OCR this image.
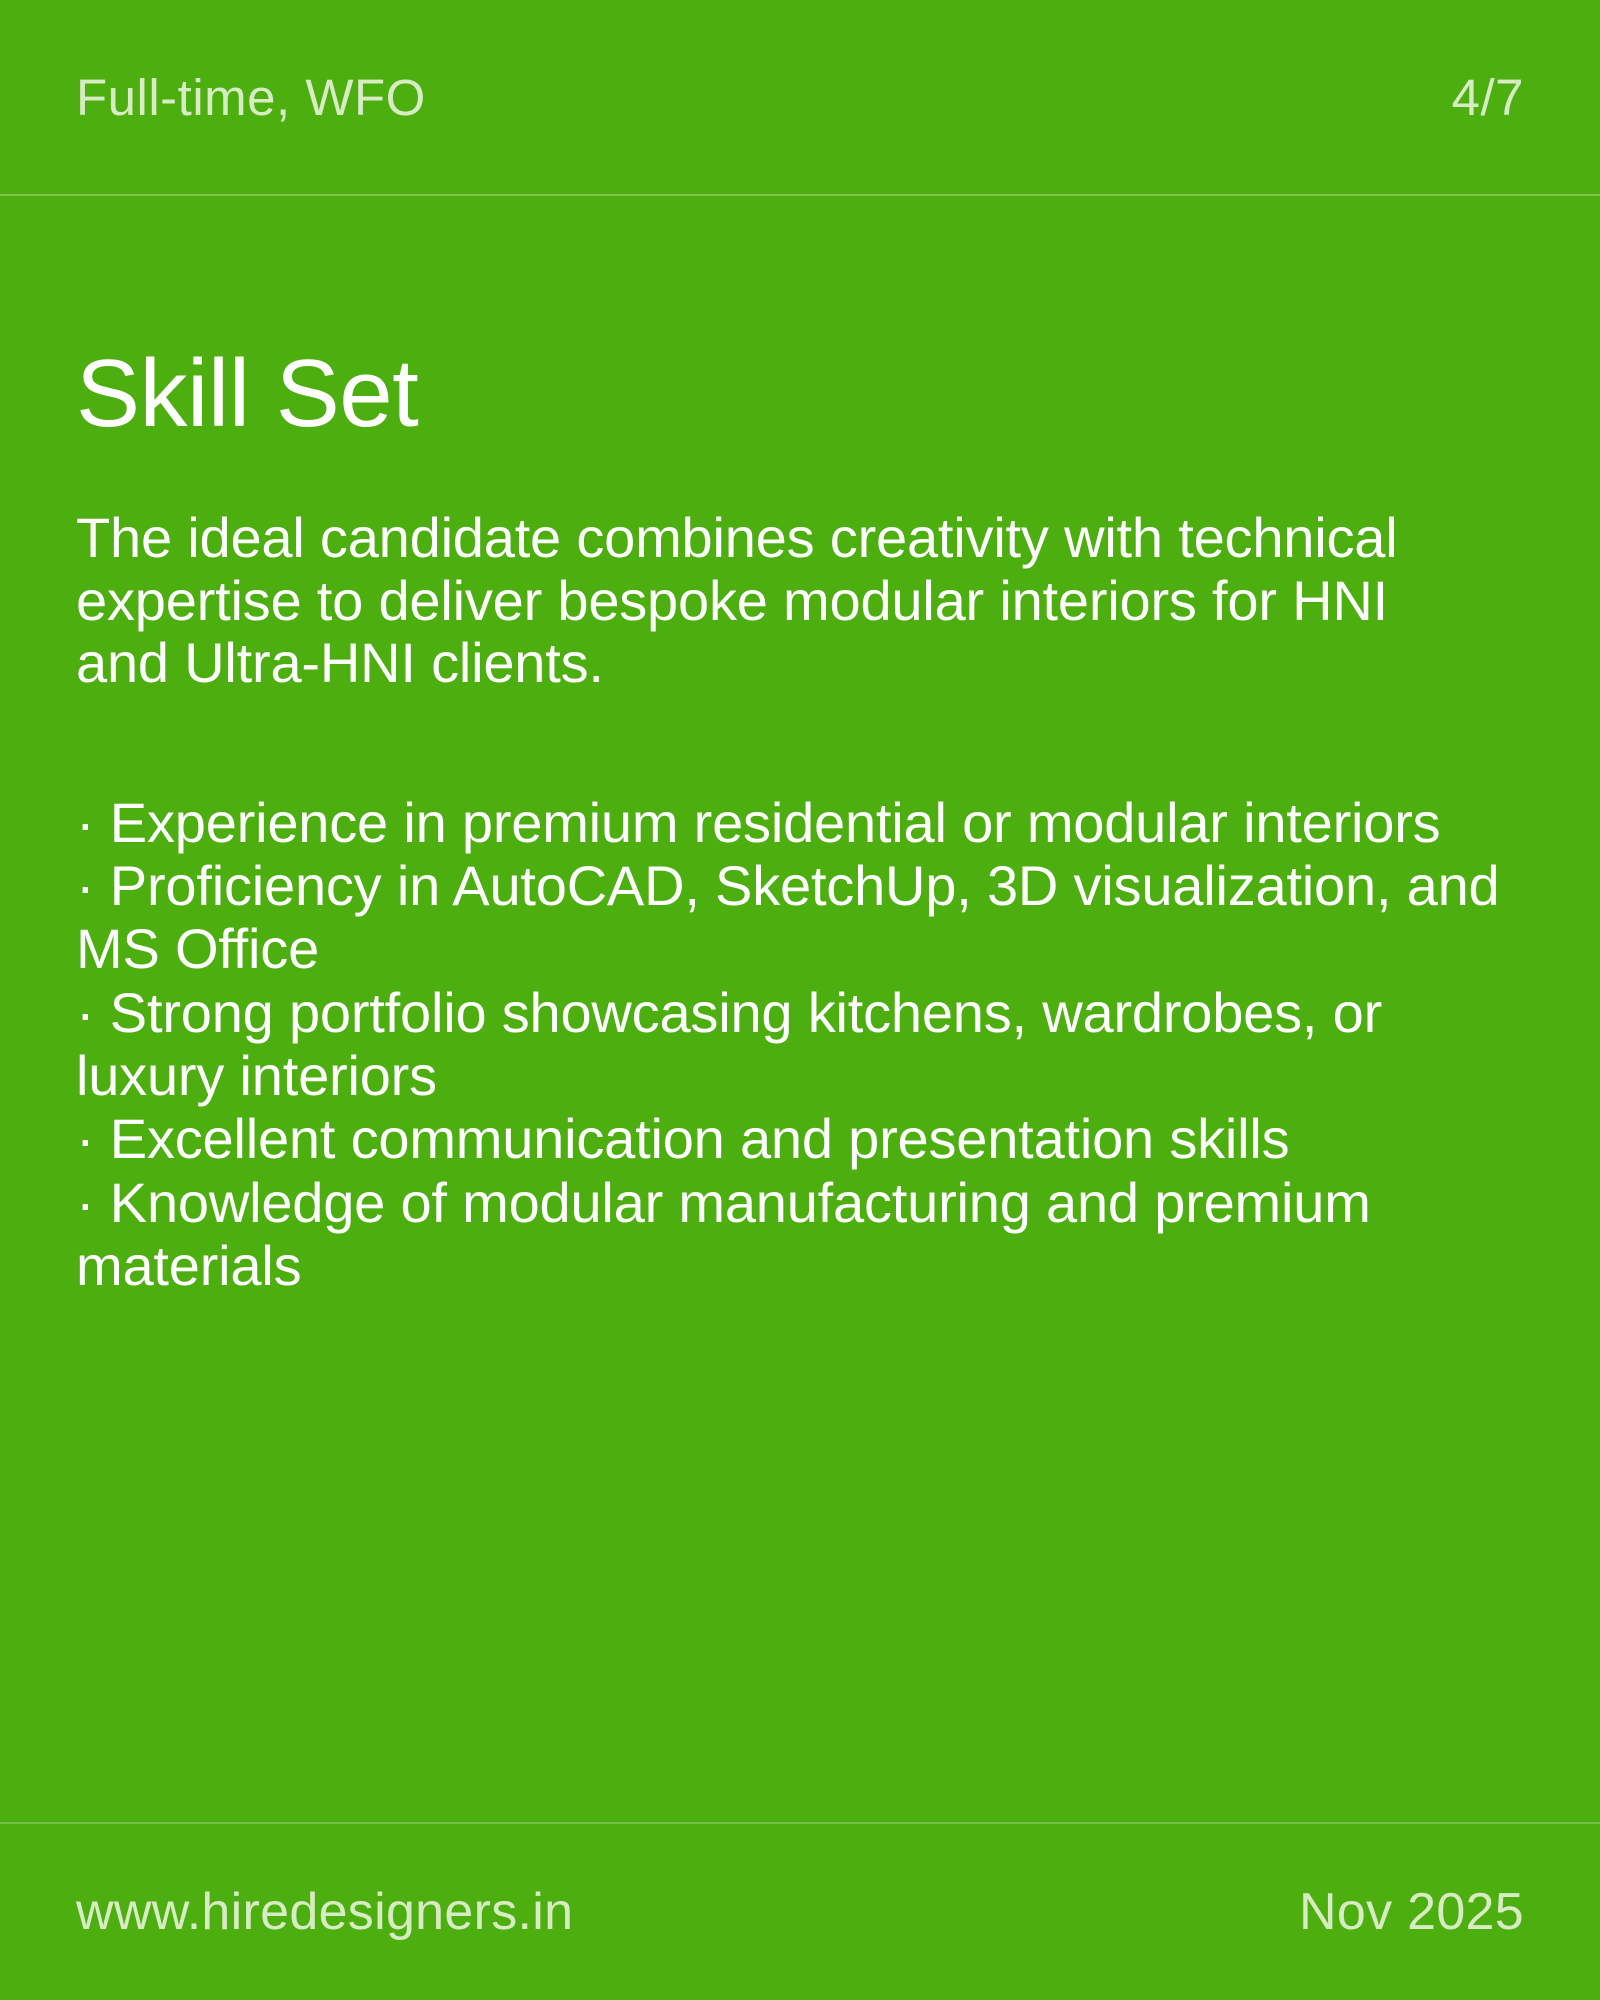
Full-time, WFO	4/7
Skill Set

The ideal candidate combines creativity with technical expertise to deliver bespoke modular interiors for HNI and Ultra-HNI clients.

· Experience in premium residential or modular interiors
· Proficiency in AutoCAD, SketchUp, 3D visualization, and MS Office
· Strong portfolio showcasing kitchens, wardrobes, or luxury interiors
· Excellent communication and presentation skills
· Knowledge of modular manufacturing and premium materials
www.hiredesigners.in	Nov 2025
